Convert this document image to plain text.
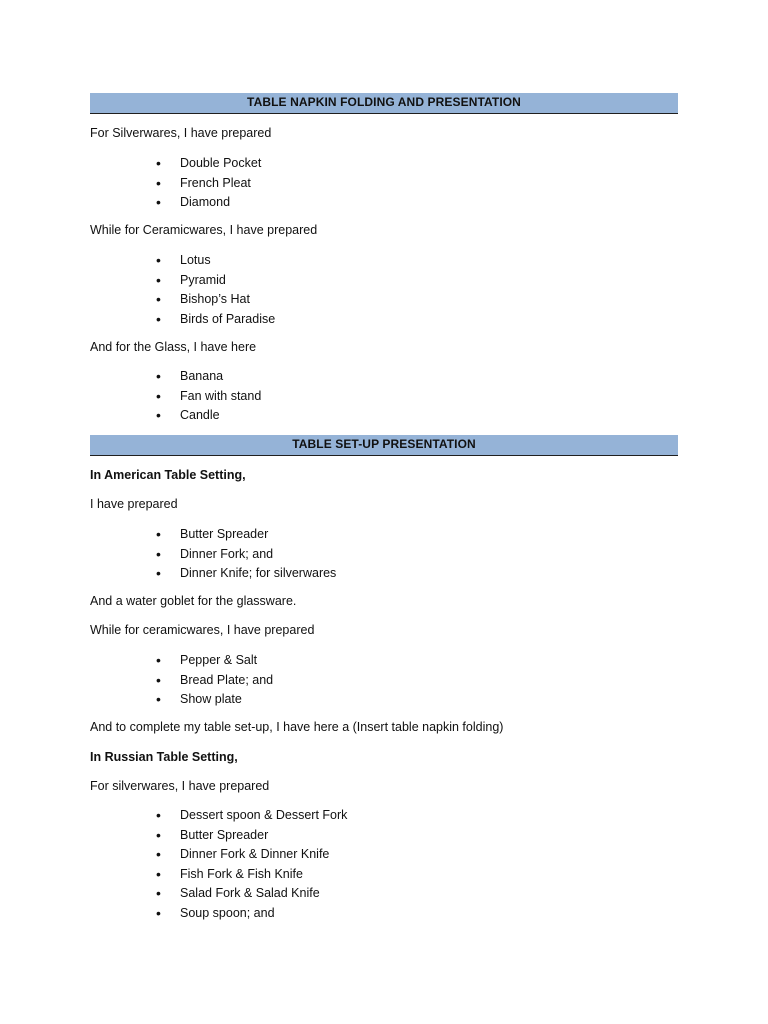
TABLE NAPKIN FOLDING AND PRESENTATION
For Silverwares, I have prepared
• Double Pocket
• French Pleat
• Diamond
While for Ceramicwares, I have prepared
• Lotus
• Pyramid
• Bishop’s Hat
• Birds of Paradise
And for the Glass, I have here
• Banana
• Fan with stand
• Candle
TABLE SET-UP PRESENTATION
In American Table Setting,
I have prepared
• Butter Spreader
• Dinner Fork; and
• Dinner Knife; for silverwares
And a water goblet for the glassware.
While for ceramicwares, I have prepared
• Pepper & Salt
• Bread Plate; and
• Show plate
And to complete my table set-up, I have here a (Insert table napkin folding)
In Russian Table Setting,
For silverwares, I have prepared
• Dessert spoon & Dessert Fork
• Butter Spreader
• Dinner Fork & Dinner Knife
• Fish Fork & Fish Knife
• Salad Fork & Salad Knife
• Soup spoon; and
